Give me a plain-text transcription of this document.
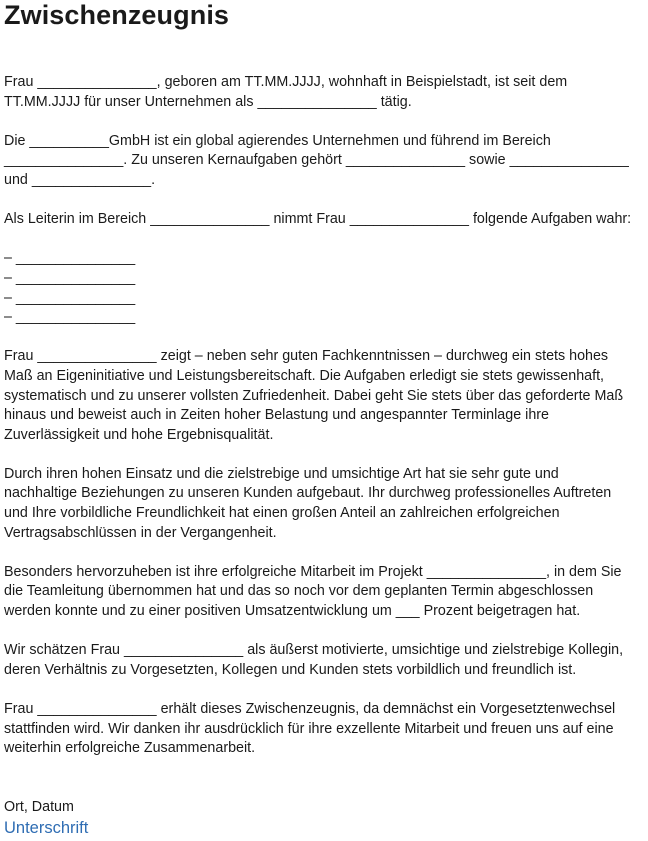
Zwischenzeugnis

Frau _______________, geboren am TT.MM.JJJJ, wohnhaft in Beispielstadt, ist seit dem
TT.MM.JJJJ für unser Unternehmen als _______________ tätig.

Die __________GmbH ist ein global agierendes Unternehmen und führend im Bereich
_______________. Zu unseren Kernaufgaben gehört _______________ sowie _______________
und _______________.

Als Leiterin im Bereich _______________ nimmt Frau _______________ folgende Aufgaben wahr:

– _______________
– _______________
– _______________
– _______________

Frau _______________ zeigt – neben sehr guten Fachkenntnissen – durchweg ein stets hohes
Maß an Eigeninitiative und Leistungsbereitschaft. Die Aufgaben erledigt sie stets gewissenhaft,
systematisch und zu unserer vollsten Zufriedenheit. Dabei geht Sie stets über das geforderte Maß
hinaus und beweist auch in Zeiten hoher Belastung und angespannter Terminlage ihre
Zuverlässigkeit und hohe Ergebnisqualität.

Durch ihren hohen Einsatz und die zielstrebige und umsichtige Art hat sie sehr gute und
nachhaltige Beziehungen zu unseren Kunden aufgebaut. Ihr durchweg professionelles Auftreten
und Ihre vorbildliche Freundlichkeit hat einen großen Anteil an zahlreichen erfolgreichen
Vertragsabschlüssen in der Vergangenheit.

Besonders hervorzuheben ist ihre erfolgreiche Mitarbeit im Projekt _______________, in dem Sie
die Teamleitung übernommen hat und das so noch vor dem geplanten Termin abgeschlossen
werden konnte und zu einer positiven Umsatzentwicklung um ___ Prozent beigetragen hat.

Wir schätzen Frau _______________ als äußerst motivierte, umsichtige und zielstrebige Kollegin,
deren Verhältnis zu Vorgesetzten, Kollegen und Kunden stets vorbildlich und freundlich ist.

Frau _______________ erhält dieses Zwischenzeugnis, da demnächst ein Vorgesetztenwechsel
stattfinden wird. Wir danken ihr ausdrücklich für ihre exzellente Mitarbeit und freuen uns auf eine
weiterhin erfolgreiche Zusammenarbeit.

Ort, Datum
Unterschrift
